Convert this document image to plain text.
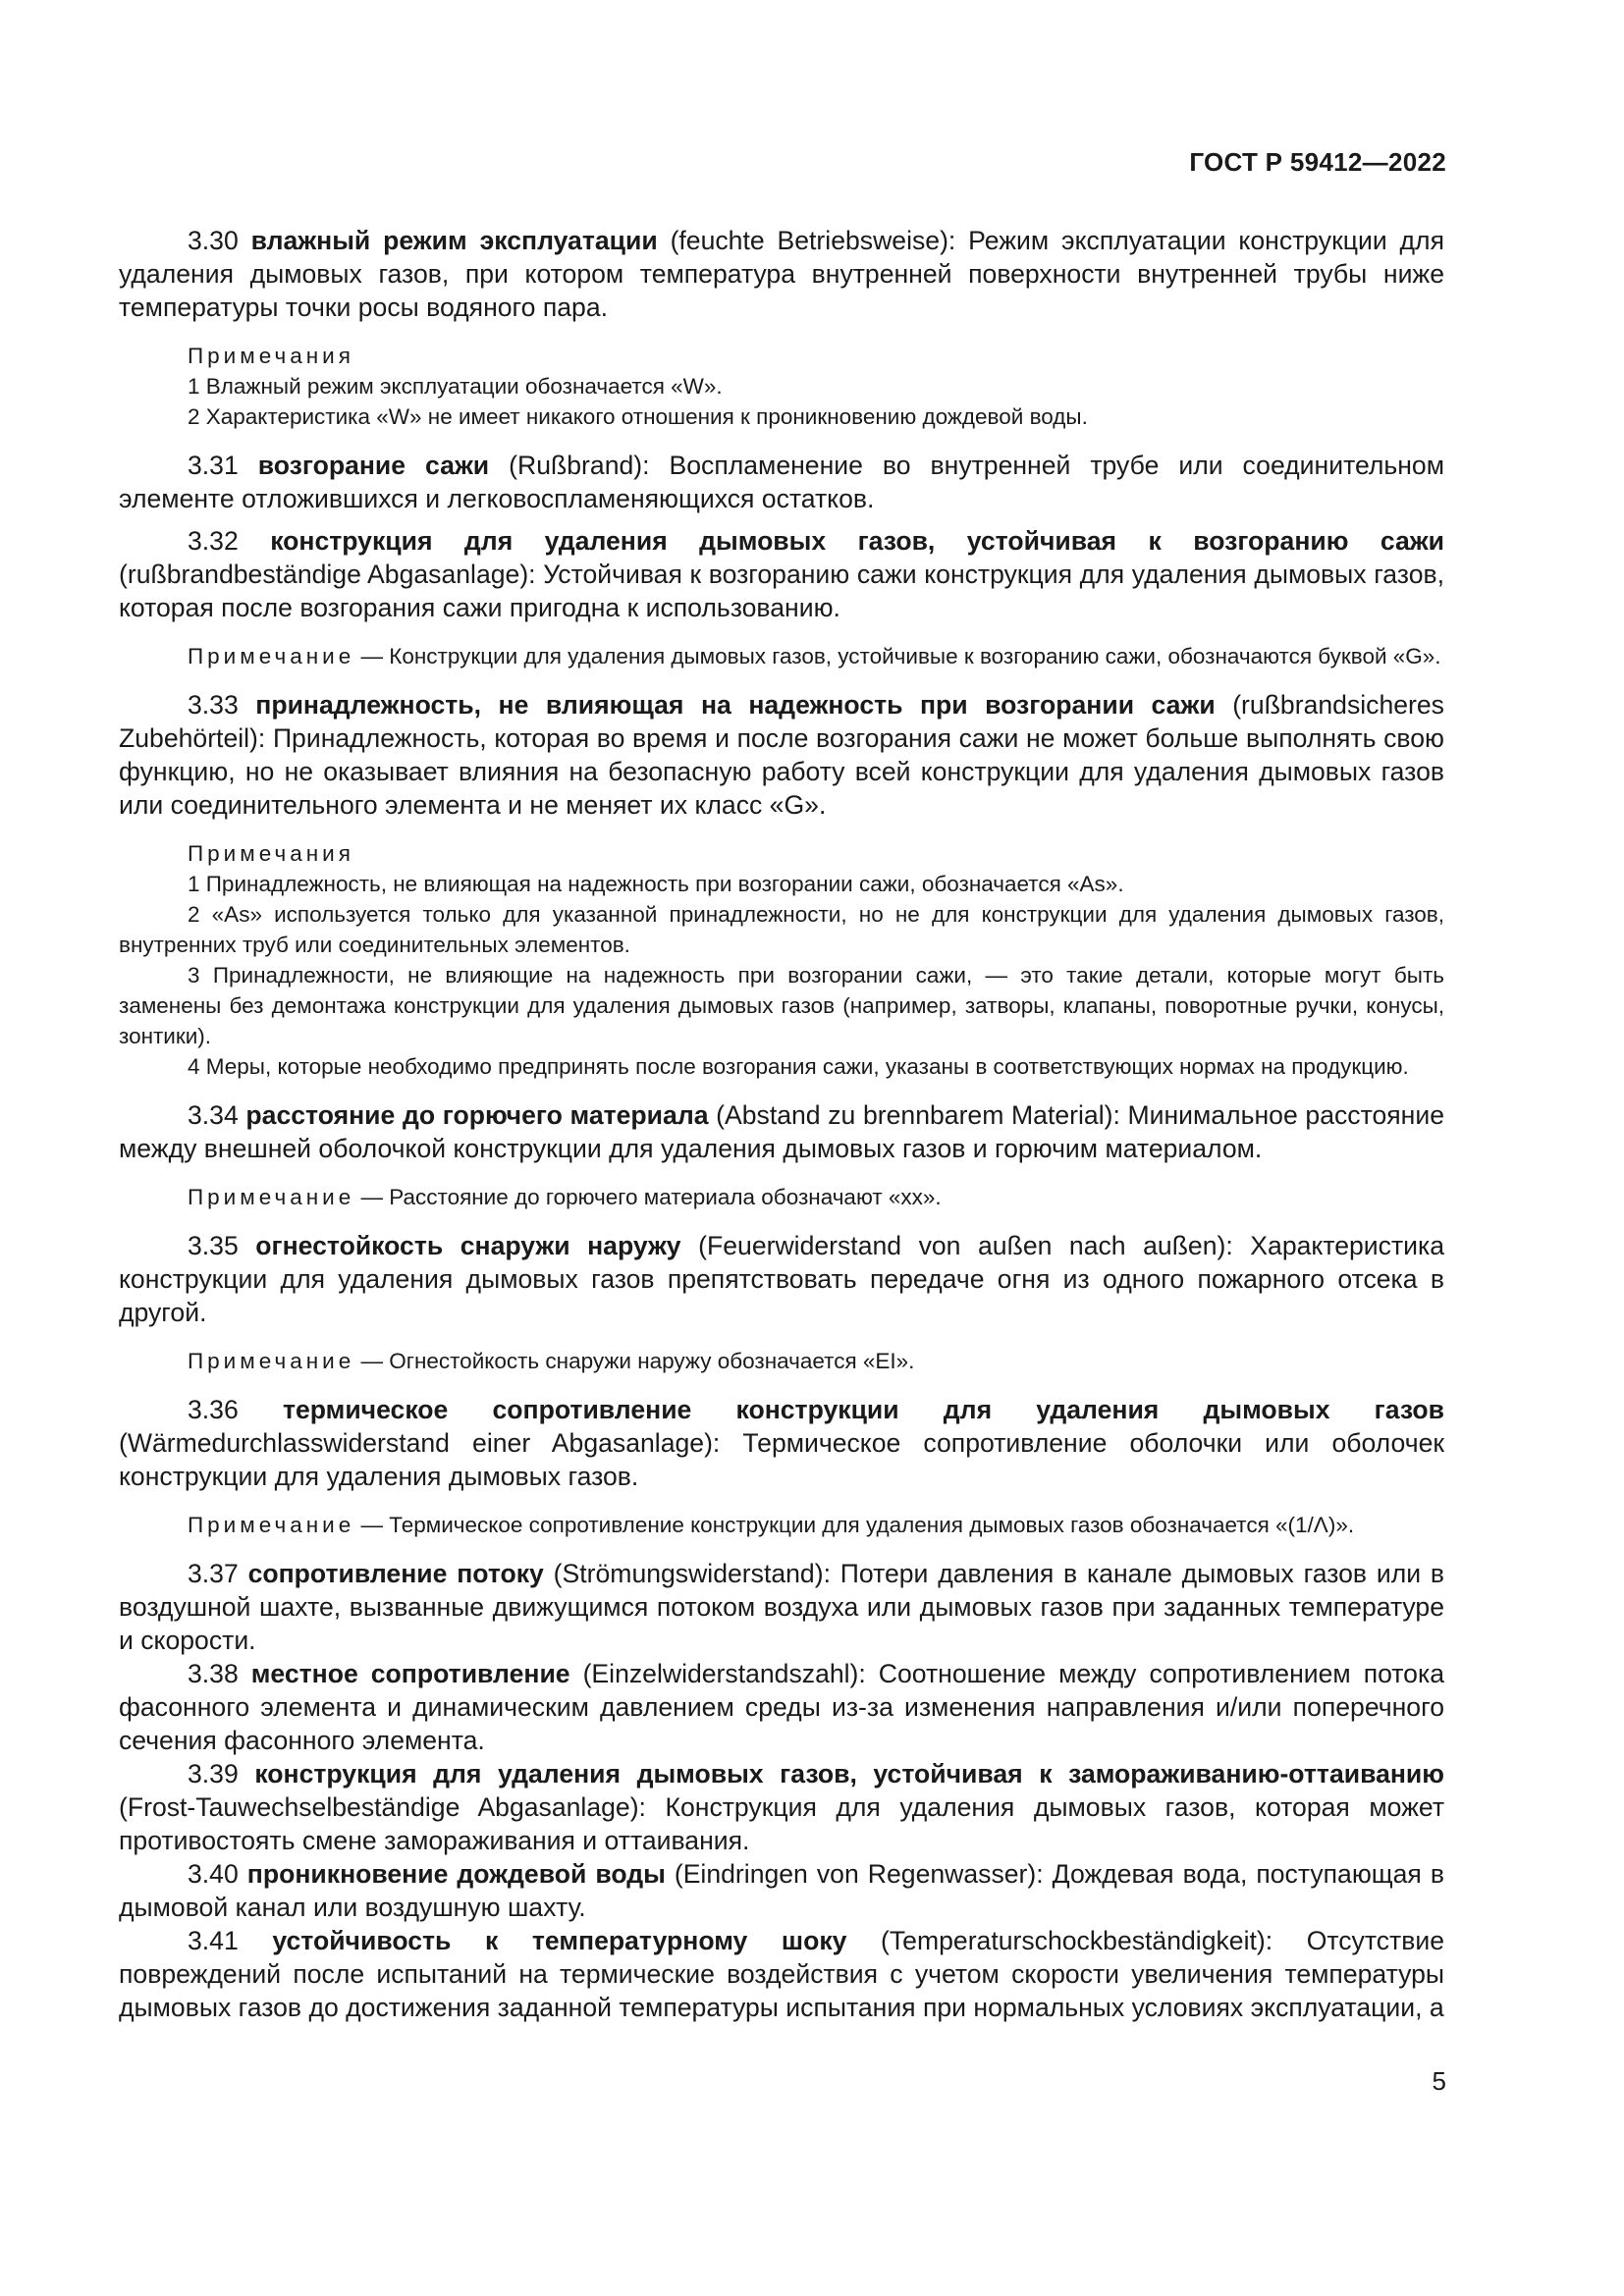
ГОСТ Р 59412—2022

3.30 влажный режим эксплуатации (feuchte Betriebsweise): Режим эксплуатации конструкции для удаления дымовых газов, при котором температура внутренней поверхности внутренней трубы ниже температуры точки росы водяного пара.

Примечания

1 Влажный режим эксплуатации обозначается «W».

2 Характеристика «W» не имеет никакого отношения к проникновению дождевой воды.

3.31 возгорание сажи (Rußbrand): Воспламенение во внутренней трубе или соединительном элементе отложившихся и легковоспламеняющихся остатков.

3.32 конструкция для удаления дымовых газов, устойчивая к возгоранию сажи (rußbrandbeständige Abgasanlage): Устойчивая к возгоранию сажи конструкция для удаления дымовых газов, которая после возгорания сажи пригодна к использованию.

Примечание — Конструкции для удаления дымовых газов, устойчивые к возгоранию сажи, обозначаются буквой «G».

3.33 принадлежность, не влияющая на надежность при возгорании сажи (rußbrandsicheres Zubehörteil): Принадлежность, которая во время и после возгорания сажи не может больше выполнять свою функцию, но не оказывает влияния на безопасную работу всей конструкции для удаления дымовых газов или соединительного элемента и не меняет их класс «G».

Примечания

1 Принадлежность, не влияющая на надежность при возгорании сажи, обозначается «As».

2 «As» используется только для указанной принадлежности, но не для конструкции для удаления дымовых газов, внутренних труб или соединительных элементов.

3 Принадлежности, не влияющие на надежность при возгорании сажи, — это такие детали, которые могут быть заменены без демонтажа конструкции для удаления дымовых газов (например, затворы, клапаны, поворотные ручки, конусы, зонтики).

4 Меры, которые необходимо предпринять после возгорания сажи, указаны в соответствующих нормах на продукцию.

3.34 расстояние до горючего материала (Abstand zu brennbarem Material): Минимальное расстояние между внешней оболочкой конструкции для удаления дымовых газов и горючим материалом.

Примечание — Расстояние до горючего материала обозначают «хх».

3.35 огнестойкость снаружи наружу (Feuerwiderstand von außen nach außen): Характеристика конструкции для удаления дымовых газов препятствовать передаче огня из одного пожарного отсека в другой.

Примечание — Огнестойкость снаружи наружу обозначается «EI».

3.36 термическое сопротивление конструкции для удаления дымовых газов (Wärmedurchlasswiderstand einer Abgasanlage): Термическое сопротивление оболочки или оболочек конструкции для удаления дымовых газов.

Примечание — Термическое сопротивление конструкции для удаления дымовых газов обозначается «(1/Λ)».

3.37 сопротивление потоку (Strömungswiderstand): Потери давления в канале дымовых газов или в воздушной шахте, вызванные движущимся потоком воздуха или дымовых газов при заданных температуре и скорости.

3.38 местное сопротивление (Einzelwiderstandszahl): Соотношение между сопротивлением потока фасонного элемента и динамическим давлением среды из-за изменения направления и/или поперечного сечения фасонного элемента.

3.39 конструкция для удаления дымовых газов, устойчивая к замораживанию-оттаиванию (Frost-Tauwechselbeständige Abgasanlage): Конструкция для удаления дымовых газов, которая может противостоять смене замораживания и оттаивания.

3.40 проникновение дождевой воды (Eindringen von Regenwasser): Дождевая вода, поступающая в дымовой канал или воздушную шахту.

3.41 устойчивость к температурному шоку (Temperaturschockbeständigkeit): Отсутствие повреждений после испытаний на термические воздействия с учетом скорости увеличения температуры дымовых газов до достижения заданной температуры испытания при нормальных условиях эксплуатации, а

5
